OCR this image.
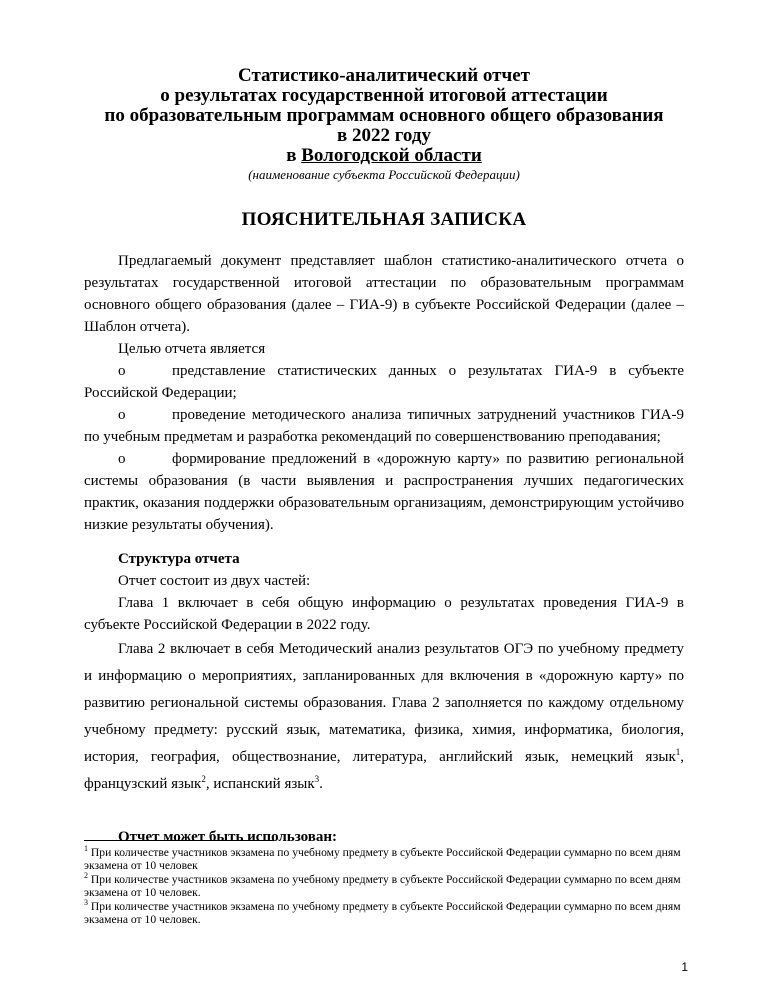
Статистико-аналитический отчет
о результатах государственной итоговой аттестации
по образовательным программам основного общего образования
в 2022 году
в Вологодской области
(наименование субъекта Российской Федерации)
ПОЯСНИТЕЛЬНАЯ ЗАПИСКА

Предлагаемый документ представляет шаблон статистико-аналитического отчета о результатах государственной итоговой аттестации по образовательным программам основного общего образования (далее – ГИА-9) в субъекте Российской Федерации (далее – Шаблон отчета).

Целью отчета является

o	представление статистических данных о результатах ГИА-9 в субъекте Российской Федерации;

o	проведение методического анализа типичных затруднений участников ГИА-9 по учебным предметам и разработка рекомендаций по совершенствованию преподавания;

o	формирование предложений в «дорожную карту» по развитию региональной системы образования (в части выявления и распространения лучших педагогических практик, оказания поддержки образовательным организациям, демонстрирующим устойчиво низкие результаты обучения).

Структура отчета

Отчет состоит из двух частей:

Глава 1 включает в себя общую информацию о результатах проведения ГИА-9 в субъекте Российской Федерации в 2022 году.

Глава 2 включает в себя Методический анализ результатов ОГЭ по учебному предмету и информацию о мероприятиях, запланированных для включения в «дорожную карту» по развитию региональной системы образования. Глава 2 заполняется по каждому отдельному учебному предмету: русский язык, математика, физика, химия, информатика, биология, история, география, обществознание, литература, английский язык, немецкий язык$^1$, французский язык$^2$, испанский язык$^3$.

Отчет может быть использован:

$^1$ При количестве участников экзамена по учебному предмету в субъекте Российской Федерации суммарно по всем дням экзамена от 10 человек

$^2$ При количестве участников экзамена по учебному предмету в субъекте Российской Федерации суммарно по всем дням экзамена от 10 человек.

$^3$ При количестве участников экзамена по учебному предмету в субъекте Российской Федерации суммарно по всем дням экзамена от 10 человек.

1
